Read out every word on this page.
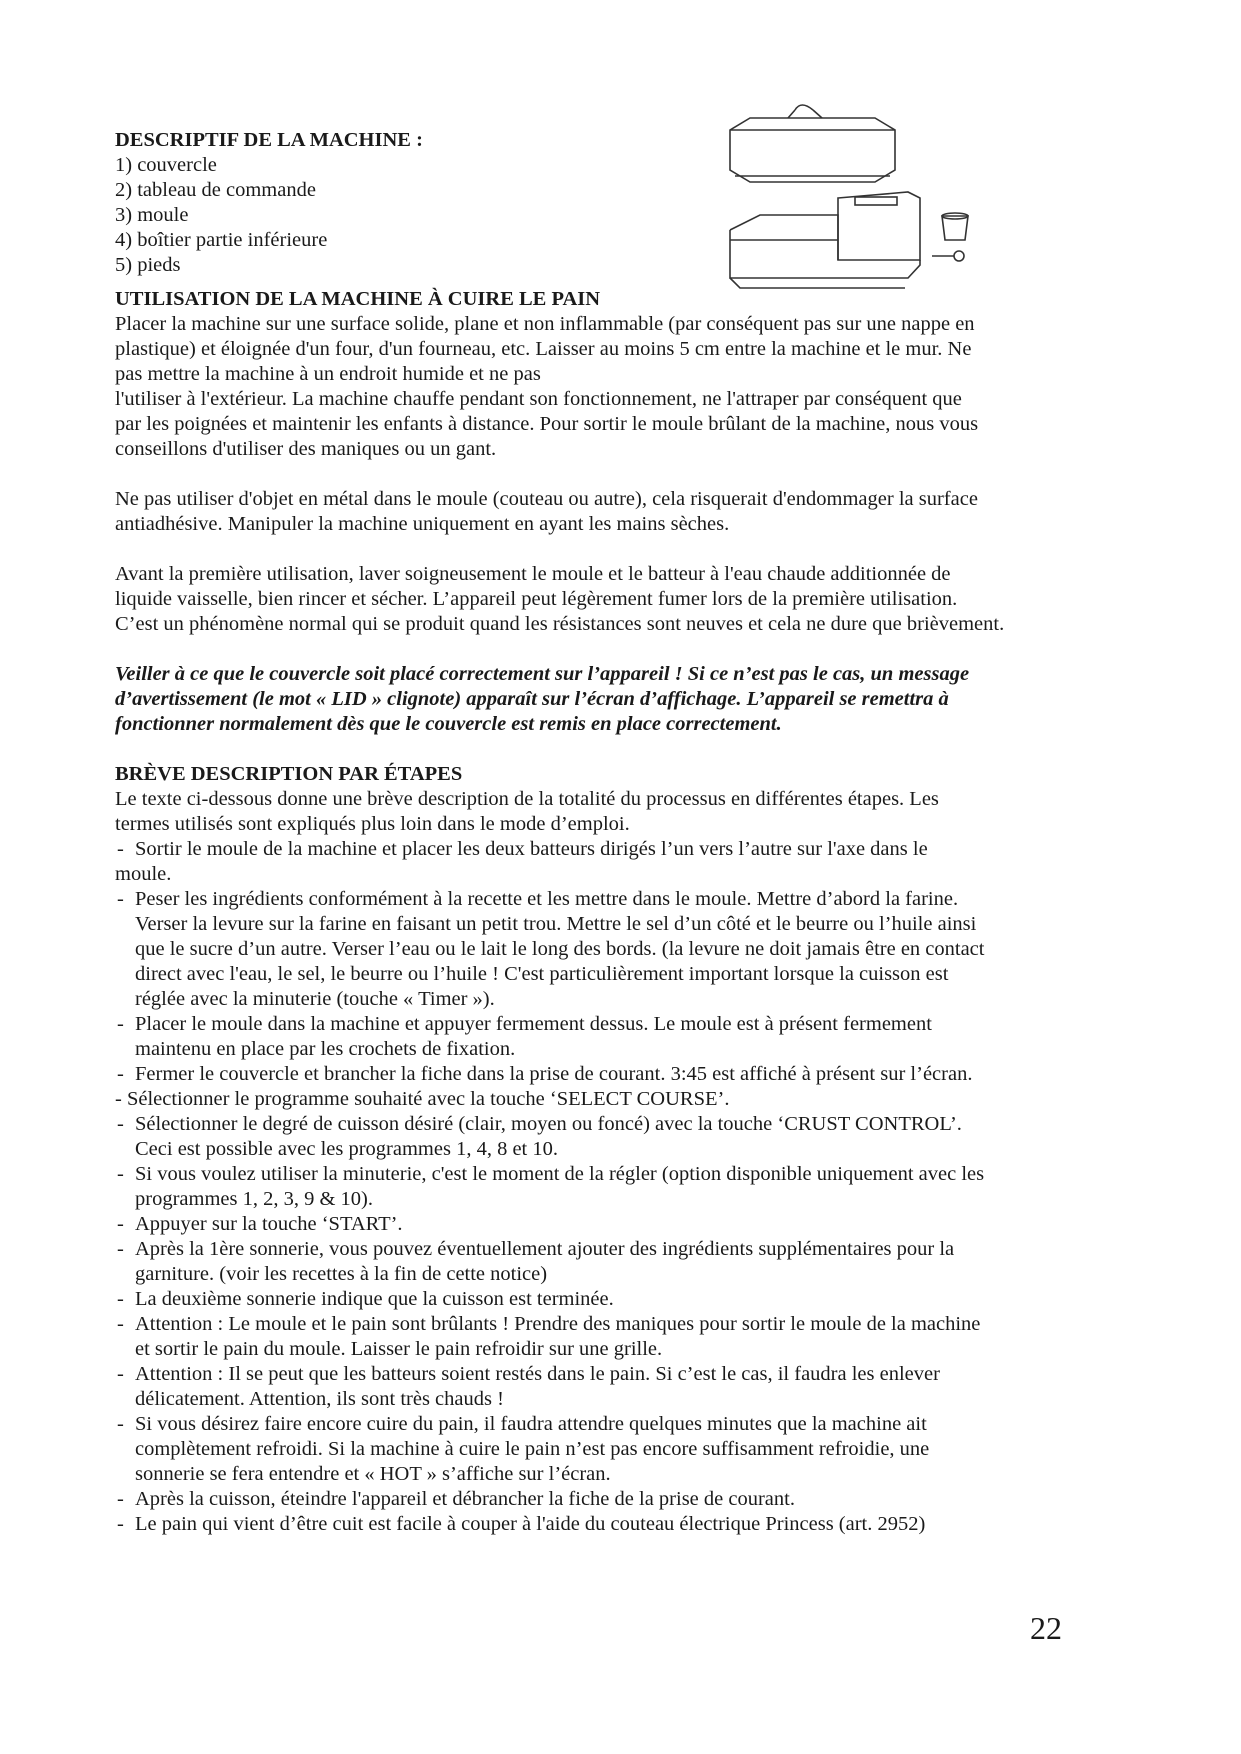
DESCRIPTIF DE LA MACHINE :

1) couvercle
2) tableau de commande
3) moule
4) boîtier partie inférieure
5) pieds

UTILISATION DE LA MACHINE À CUIRE LE PAIN

Placer la machine sur une surface solide, plane et non inflammable (par conséquent pas sur une nappe en

plastique) et éloignée d'un four, d'un fourneau, etc. Laisser au moins 5 cm entre la machine et le mur. Ne

pas mettre la machine à un endroit humide et ne pas

l'utiliser à l'extérieur. La machine chauffe pendant son fonctionnement, ne l'attraper par conséquent que

par les poignées et maintenir les enfants à distance. Pour sortir le moule brûlant de la machine, nous vous

conseillons d'utiliser des maniques ou un gant.

Ne pas utiliser d'objet en métal dans le moule (couteau ou autre), cela risquerait d'endommager la surface

antiadhésive. Manipuler la machine uniquement en ayant les mains sèches.

Avant la première utilisation, laver soigneusement le moule et le batteur à l'eau chaude additionnée de

liquide vaisselle, bien rincer et sécher. L’appareil peut légèrement fumer lors de la première utilisation.

C’est un phénomène normal qui se produit quand les résistances sont neuves et cela ne dure que brièvement.

Veiller à ce que le couvercle soit placé correctement sur l’appareil ! Si ce n’est pas le cas, un message

d’avertissement (le mot « LID » clignote) apparaît sur l’écran d’affichage. L’appareil se remettra à

fonctionner normalement dès que le couvercle est remis en place correctement.

BRÈVE DESCRIPTION PAR ÉTAPES

Le texte ci-dessous donne une brève description de la totalité du processus en différentes étapes. Les

termes utilisés sont expliqués plus loin dans le mode d’emploi.

- Sortir le moule de la machine et placer les deux batteurs dirigés l’un vers l’autre sur l'axe dans le
moule.
- Peser les ingrédients conformément à la recette et les mettre dans le moule. Mettre d’abord la farine.
Verser la levure sur la farine en faisant un petit trou. Mettre le sel d’un côté et le beurre ou l’huile ainsi
que le sucre d’un autre. Verser l’eau ou le lait le long des bords. (la levure ne doit jamais être en contact
direct avec l'eau, le sel, le beurre ou l’huile ! C'est particulièrement important lorsque la cuisson est
réglée avec la minuterie (touche « Timer »).
- Placer le moule dans la machine et appuyer fermement dessus. Le moule est à présent fermement
maintenu en place par les crochets de fixation.
- Fermer le couvercle et brancher la fiche dans la prise de courant. 3:45 est affiché à présent sur l’écran.
- Sélectionner le programme souhaité avec la touche ‘SELECT COURSE’.
- Sélectionner le degré de cuisson désiré (clair, moyen ou foncé) avec la touche ‘CRUST CONTROL’.
Ceci est possible avec les programmes 1, 4, 8 et 10.
- Si vous voulez utiliser la minuterie, c'est le moment de la régler (option disponible uniquement avec les
programmes 1, 2, 3, 9 & 10).
- Appuyer sur la touche ‘START’.
- Après la 1ère sonnerie, vous pouvez éventuellement ajouter des ingrédients supplémentaires pour la
garniture. (voir les recettes à la fin de cette notice)
- La deuxième sonnerie indique que la cuisson est terminée.
- Attention : Le moule et le pain sont brûlants ! Prendre des maniques pour sortir le moule de la machine
et sortir le pain du moule. Laisser le pain refroidir sur une grille.
- Attention : Il se peut que les batteurs soient restés dans le pain. Si c’est le cas, il faudra les enlever
délicatement. Attention, ils sont très chauds !
- Si vous désirez faire encore cuire du pain, il faudra attendre quelques minutes que la machine ait
complètement refroidi. Si la machine à cuire le pain n’est pas encore suffisamment refroidie, une
sonnerie se fera entendre et « HOT » s’affiche sur l’écran.
- Après la cuisson, éteindre l'appareil et débrancher la fiche de la prise de courant.
- Le pain qui vient d’être cuit est facile à couper à l'aide du couteau électrique Princess (art. 2952)
22
